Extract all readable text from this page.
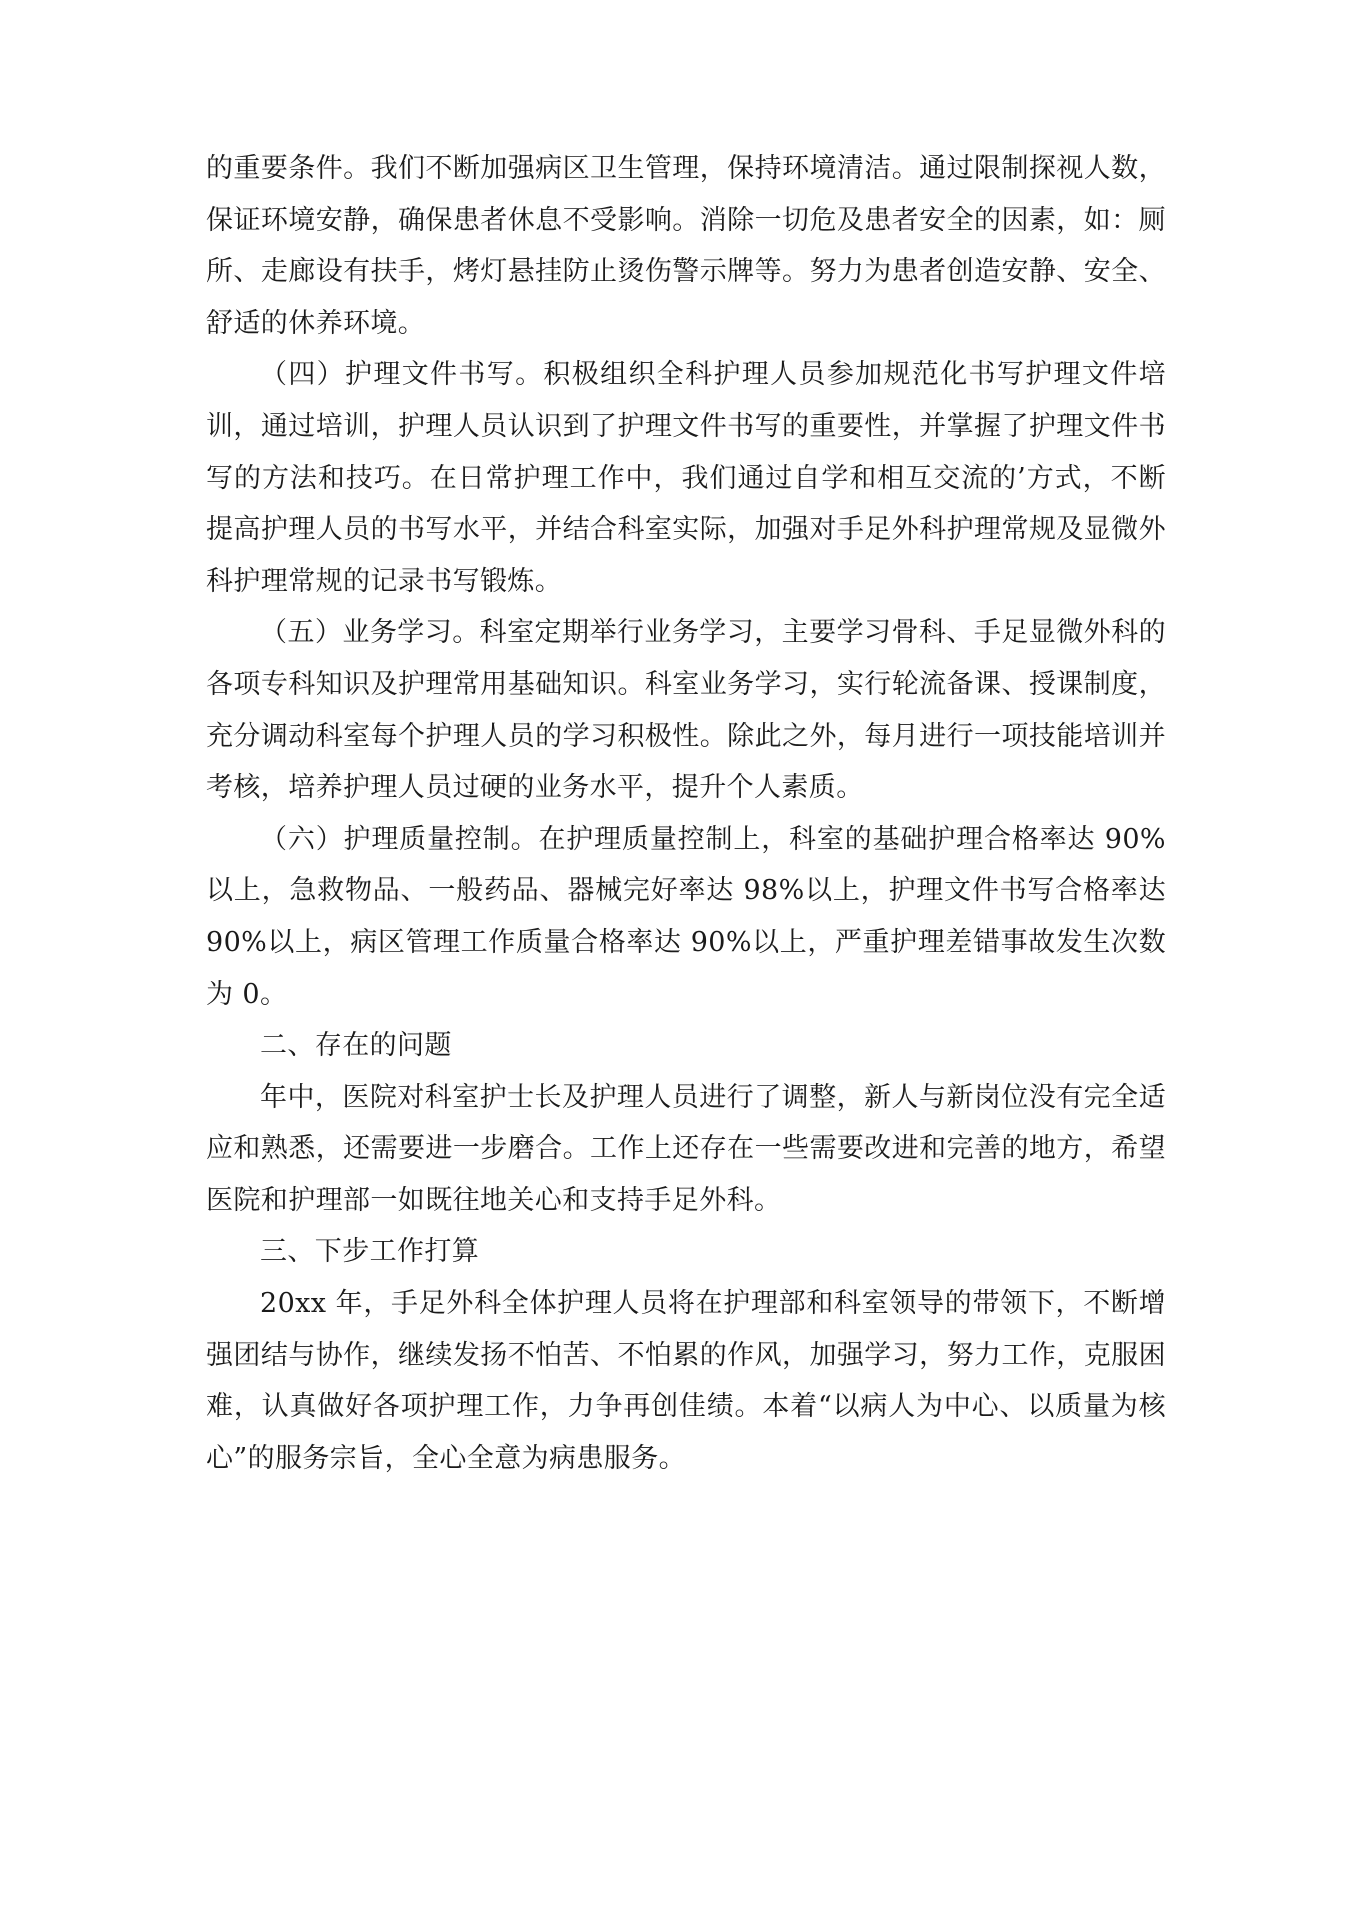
的重要条件。我们不断加强病区卫生管理，保持环境清洁。通过限制探视人数，保证环境安静，确保患者休息不受影响。消除一切危及患者安全的因素，如：厕所、走廊设有扶手，烤灯悬挂防止烫伤警示牌等。努力为患者创造安静、安全、舒适的休养环境。

（四）护理文件书写。积极组织全科护理人员参加规范化书写护理文件培训，通过培训，护理人员认识到了护理文件书写的重要性，并掌握了护理文件书写的方法和技巧。在日常护理工作中，我们通过自学和相互交流的’方式，不断提高护理人员的书写水平，并结合科室实际，加强对手足外科护理常规及显微外科护理常规的记录书写锻炼。

（五）业务学习。科室定期举行业务学习，主要学习骨科、手足显微外科的各项专科知识及护理常用基础知识。科室业务学习，实行轮流备课、授课制度，充分调动科室每个护理人员的学习积极性。除此之外，每月进行一项技能培训并考核，培养护理人员过硬的业务水平，提升个人素质。

（六）护理质量控制。在护理质量控制上，科室的基础护理合格率达 90%以上，急救物品、一般药品、器械完好率达 98%以上，护理文件书写合格率达 90%以上，病区管理工作质量合格率达 90%以上，严重护理差错事故发生次数为 0。

二、存在的问题

年中，医院对科室护士长及护理人员进行了调整，新人与新岗位没有完全适应和熟悉，还需要进一步磨合。工作上还存在一些需要改进和完善的地方，希望医院和护理部一如既往地关心和支持手足外科。

三、下步工作打算

20xx 年，手足外科全体护理人员将在护理部和科室领导的带领下，不断增强团结与协作，继续发扬不怕苦、不怕累的作风，加强学习，努力工作，克服困难，认真做好各项护理工作，力争再创佳绩。本着“以病人为中心、以质量为核心”的服务宗旨，全心全意为病患服务。
